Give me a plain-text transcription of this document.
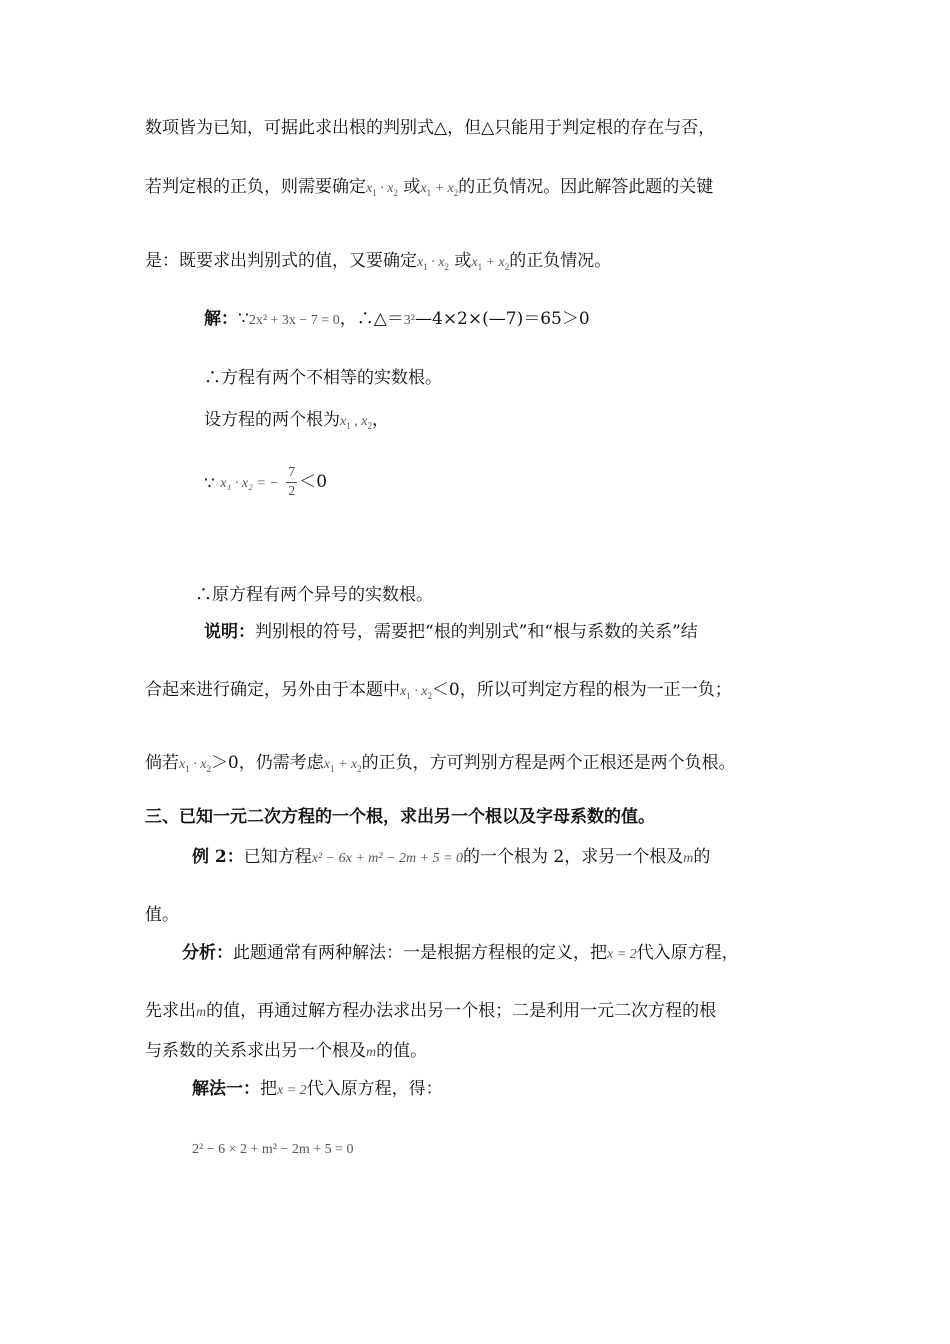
数项皆为已知，可据此求出根的判别式△，但△只能用于判定根的存在与否，
若判定根的正负，则需要确定$x_1 \cdot x_2$ 或$x_1 + x_2$的正负情况。因此解答此题的关键
是：既要求出判别式的值，又要确定$x_1 \cdot x_2$ 或$x_1 + x_2$的正负情况。
解：∵2x² + 3x − 7 = 0，∴△＝3²—4×2×(—7)＝65＞0
∴方程有两个不相等的实数根。
设方程的两个根为$x_1$ , $x_2$，
∵ x₁ · x₂ = − $\frac{7}{2} <0$
∴原方程有两个异号的实数根。
说明：判别根的符号，需要把“根的判别式”和“根与系数的关系”结
合起来进行确定，另外由于本题中$x_1 \cdot x_2<0$，所以可判定方程的根为一正一负；
倘若$x_1 \cdot x_2>0$，仍需考虑$x_1 + x_2$的正负，方可判别方程是两个正根还是两个负根。
三、已知一元二次方程的一个根，求出另一个根以及字母系数的值。
例 2：已知方程x² − 6x + m² − 2m + 5 = 0的一个根为 2，求另一个根及m的
值。
分析：此题通常有两种解法：一是根据方程根的定义，把x = 2代入原方程，
先求出m的值，再通过解方程办法求出另一个根；二是利用一元二次方程的根
与系数的关系求出另一个根及m的值。
解法一：把x = 2代入原方程，得：
2² − 6 × 2 + m² − 2m + 5 = 0
